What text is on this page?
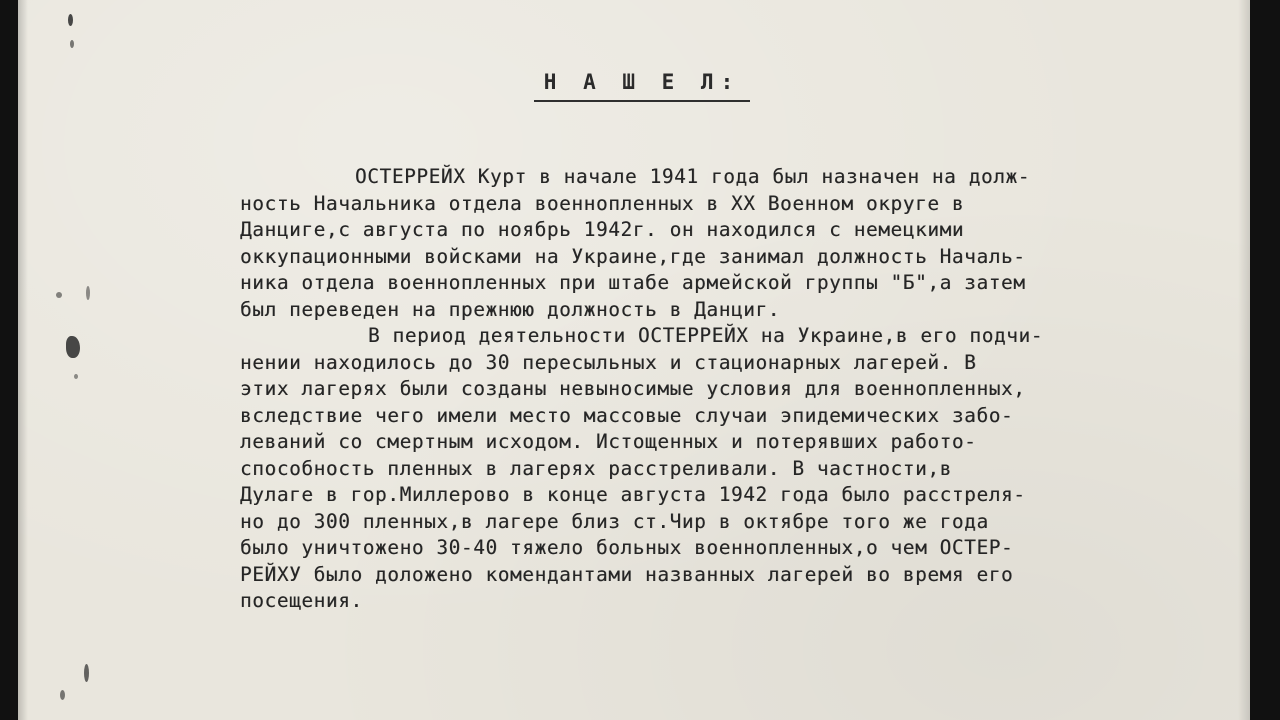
Н А Ш Е Л:
ОСТЕРРЕЙХ Курт в начале 1941 года был назначен на долж-
ность Начальника отдела военнопленных в XX Военном округе в
Данциге,с августа по ноябрь 1942г. он находился с немецкими
оккупационными войсками на Украине,где занимал должность Началь-
ника отдела военнопленных при штабе армейской группы "Б",а затем
был переведен на прежнюю должность в Данциг.
В период деятельности ОСТЕРРЕЙХ на Украине,в его подчи-
нении находилось до 30 пересыльных и стационарных лагерей. В
этих лагерях были созданы невыносимые условия для военнопленных,
вследствие чего имели место массовые случаи эпидемических забо-
леваний со смертным исходом. Истощенных и потерявших работо-
способность пленных в лагерях расстреливали. В частности,в
Дулаге в гор.Миллерово в конце августа 1942 года было расстреля-
но до 300 пленных,в лагере близ ст.Чир в октябре того же года
было уничтожено 30-40 тяжело больных военнопленных,о чем ОСТЕР-
РЕЙХУ было доложено комендантами названных лагерей во время его
посещения.
